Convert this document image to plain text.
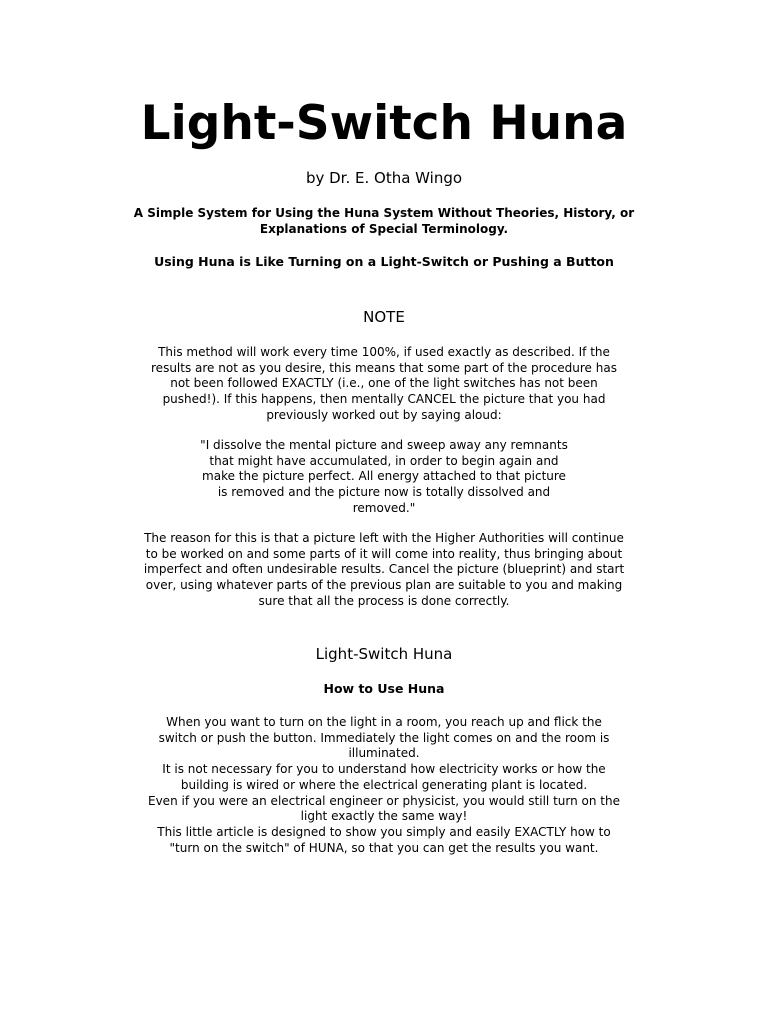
Light-Switch Huna

by Dr. E. Otha Wingo

A Simple System for Using the Huna System Without Theories, History, or Explanations of Special Terminology.

Using Huna is Like Turning on a Light-Switch or Pushing a Button

NOTE

This method will work every time 100%, if used exactly as described. If the results are not as you desire, this means that some part of the procedure has not been followed EXACTLY (i.e., one of the light switches has not been pushed!). If this happens, then mentally CANCEL the picture that you had previously worked out by saying aloud:

"I dissolve the mental picture and sweep away any remnants that might have accumulated, in order to begin again and make the picture perfect. All energy attached to that picture is removed and the picture now is totally dissolved and removed."

The reason for this is that a picture left with the Higher Authorities will continue to be worked on and some parts of it will come into reality, thus bringing about imperfect and often undesirable results. Cancel the picture (blueprint) and start over, using whatever parts of the previous plan are suitable to you and making sure that all the process is done correctly.

Light-Switch Huna
How to Use Huna
When you want to turn on the light in a room, you reach up and flick the switch or push the button. Immediately the light comes on and the room is illuminated.
It is not necessary for you to understand how electricity works or how the building is wired or where the electrical generating plant is located.
Even if you were an electrical engineer or physicist, you would still turn on the light exactly the same way!
This little article is designed to show you simply and easily EXACTLY how to "turn on the switch" of HUNA, so that you can get the results you want.
